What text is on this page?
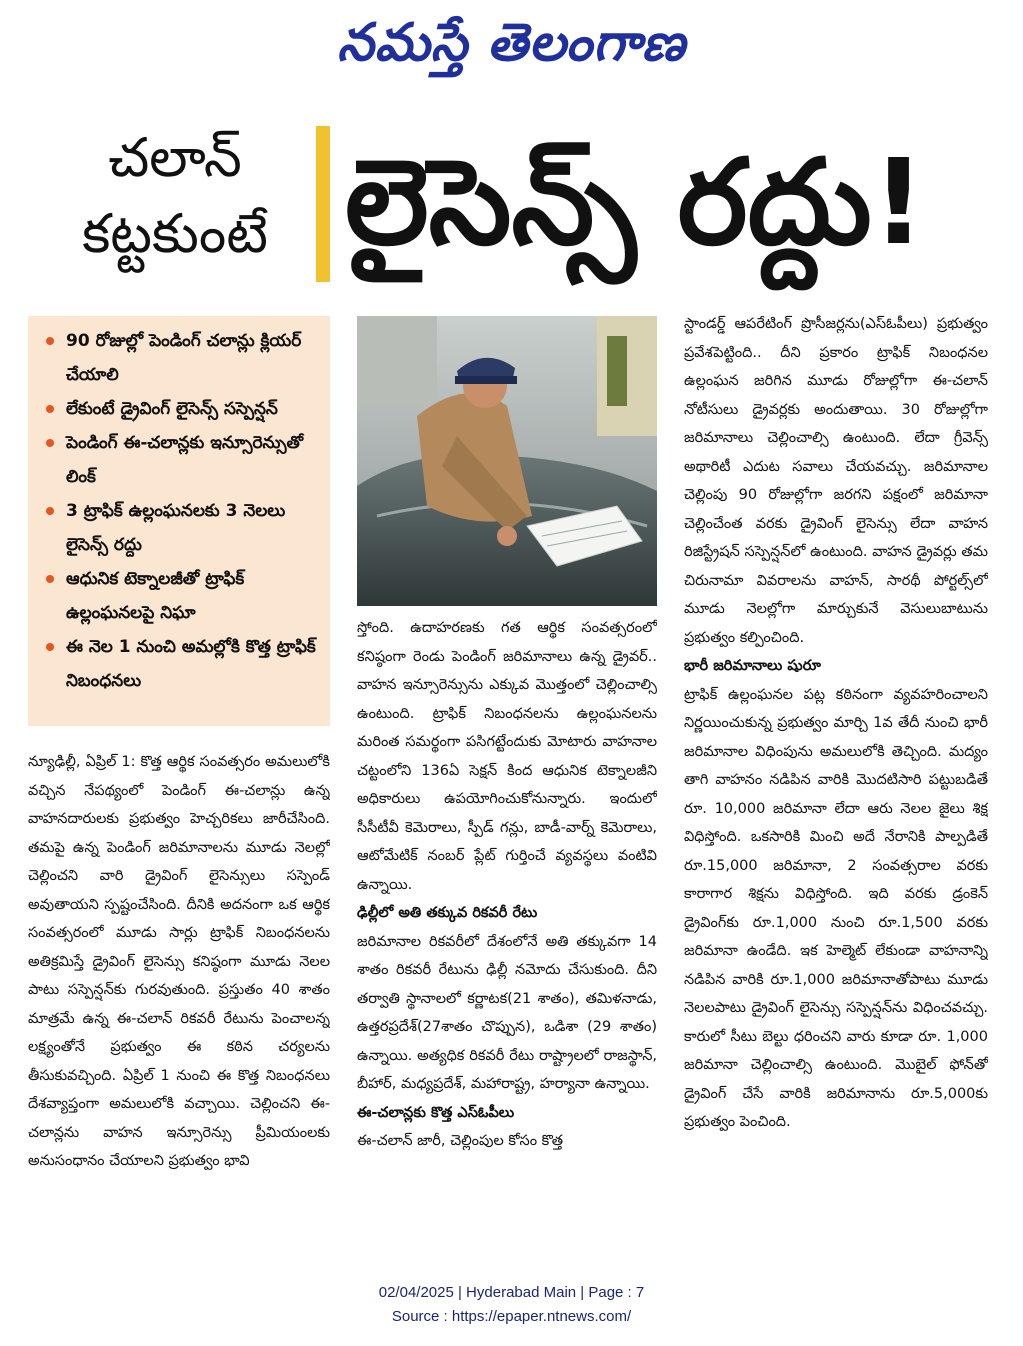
నమస్తే తెలంగాణ
చలాన్
కట్టకుంటే లైసెన్స్ రద్దు!
90 రోజుల్లో పెండింగ్ చలాన్లు క్లియర్ చేయాలి
లేకుంటే డ్రైవింగ్ లైసెన్స్ సస్పెన్షన్
పెండింగ్ ఈ-చలాన్లకు ఇన్సూరెన్సుతో లింక్
3 ట్రాఫిక్ ఉల్లంఘనలకు 3 నెలలు లైసెన్స్ రద్దు
ఆధునిక టెక్నాలజీతో ట్రాఫిక్ ఉల్లంఘనలపై నిఘా
ఈ నెల 1 నుంచి అమల్లోకి కొత్త ట్రాఫిక్ నిబంధనలు

న్యూఢిల్లీ, ఏప్రిల్ 1: కొత్త ఆర్థిక సంవత్సరం అమలులోకి వచ్చిన నేపథ్యంలో పెండింగ్ ఈ-చలాన్లు ఉన్న వాహనదారులకు ప్రభుత్వం హెచ్చరికలు జారీచేసింది. తమపై ఉన్న పెండింగ్ జరిమానాలను మూడు నెలల్లో చెల్లించని వారి డ్రైవింగ్ లైసెన్సులు సస్పెండ్ అవుతాయని స్పష్టంచేసింది. దీనికి అదనంగా ఒక ఆర్థిక సంవత్సరంలో మూడు సార్లు ట్రాఫిక్ నిబంధనలను అతిక్రమిస్తే డ్రైవింగ్ లైసెన్సు కనిష్ఠంగా మూడు నెలల పాటు సస్పెన్షన్‌కు గురవుతుంది. ప్రస్తుతం 40 శాతం మాత్రమే ఉన్న ఈ-చలాన్ రికవరీ రేటును పెంచాలన్న లక్ష్యంతోనే ప్రభుత్వం ఈ కఠిన చర్యలను తీసుకువచ్చింది. ఏప్రిల్ 1 నుంచి ఈ కొత్త నిబంధనలు దేశవ్యాప్తంగా అమలులోకి వచ్చాయి. చెల్లించని ఈ-చలాన్లను వాహన ఇన్సూరెన్సు ప్రీమియంలకు అనుసంధానం చేయాలని ప్రభుత్వం భావి

స్తోంది. ఉదాహరణకు గత ఆర్థిక సంవత్సరంలో కనిష్ఠంగా రెండు పెండింగ్ జరిమానాలు ఉన్న డ్రైవర్.. వాహన ఇన్సూరెన్సును ఎక్కువ మొత్తంలో చెల్లించాల్సి ఉంటుంది. ట్రాఫిక్ నిబంధనలను ఉల్లంఘనలను మరింత సమర్థంగా పసిగట్టేందుకు మోటారు వాహనాల చట్టంలోని 136ఏ సెక్షన్ కింద ఆధునిక టెక్నాలజీని అధికారులు ఉపయోగించుకోనున్నారు. ఇందులో సీసీటీవీ కెమెరాలు, స్పీడ్ గన్లు, బాడీ-వార్న్ కెమెరాలు, ఆటోమేటిక్ నంబర్ ప్లేట్ గుర్తించే వ్యవస్థలు వంటివి ఉన్నాయి.

ఢిల్లీలో అతి తక్కువ రికవరీ రేటు

జరిమానాల రికవరీలో దేశంలోనే అతి తక్కువగా 14 శాతం రికవరీ రేటును ఢిల్లీ నమోదు చేసుకుంది. దీని తర్వాతి స్థానాలలో కర్ణాటక(21 శాతం), తమిళనాడు, ఉత్తరప్రదేశ్(27శాతం చొప్పున), ఒడిశా (29 శాతం) ఉన్నాయి. అత్యధిక రికవరీ రేటు రాష్ట్రాలలో రాజస్థాన్, బీహార్, మధ్యప్రదేశ్, మహారాష్ట్ర, హర్యానా ఉన్నాయి.

ఈ-చలాన్లకు కొత్త ఎస్‌ఓపీలు

ఈ-చలాన్ జారీ, చెల్లింపుల కోసం కొత్త

స్టాండర్డ్ ఆపరేటింగ్ ప్రొసీజర్లను(ఎస్‌ఓపీలు) ప్రభుత్వం ప్రవేశపెట్టింది.. దీని ప్రకారం ట్రాఫిక్ నిబంధనల ఉల్లంఘన జరిగిన మూడు రోజుల్లోగా ఈ-చలాన్ నోటీసులు డ్రైవర్లకు అందుతాయి. 30 రోజుల్లోగా జరిమానాలు చెల్లించాల్సి ఉంటుంది. లేదా గ్రీవెన్స్ అథారిటీ ఎదుట సవాలు చేయవచ్చు. జరిమానాల చెల్లింపు 90 రోజుల్లోగా జరగని పక్షంలో జరిమానా చెల్లించేంత వరకు డ్రైవింగ్ లైసెన్సు లేదా వాహన రిజిస్ట్రేషన్ సస్పెన్షన్‌లో ఉంటుంది. వాహన డ్రైవర్లు తమ చిరునామా వివరాలను వాహన్, సారథీ పోర్టల్స్‌లో మూడు నెలల్లోగా మార్చుకునే వెసులుబాటును ప్రభుత్వం కల్పించింది.

భారీ జరిమానాలు షురూ

ట్రాఫిక్ ఉల్లంఘనల పట్ల కఠినంగా వ్యవహరించాలని నిర్ణయించుకున్న ప్రభుత్వం మార్చి 1వ తేదీ నుంచి భారీ జరిమానాల విధింపును అమలులోకి తెచ్చింది. మద్యం తాగి వాహనం నడిపిన వారికి మొదటిసారి పట్టుబడితే రూ. 10,000 జరిమానా లేదా ఆరు నెలల జైలు శిక్ష విధిస్తోంది. ఒకసారికి మించి అదే నేరానికి పాల్పడితే రూ.15,000 జరిమానా, 2 సంవత్సరాల వరకు కారాగార శిక్షను విధిస్తోంది. ఇది వరకు డ్రంకెన్ డ్రైవింగ్‌కు రూ.1,000 నుంచి రూ.1,500 వరకు జరిమానా ఉండేది. ఇక హెల్మెట్ లేకుండా వాహనాన్ని నడిపిన వారికి రూ.1,000 జరిమానాతోపాటు మూడు నెలలపాటు డ్రైవింగ్ లైసెన్సు సస్పెన్షన్‌ను విధించవచ్చు. కారులో సీటు బెల్టు ధరించని వారు కూడా రూ. 1,000 జరిమానా చెల్లించాల్సి ఉంటుంది. మొబైల్ ఫోన్‌తో డ్రైవింగ్ చేసే వారికి జరిమానాను రూ.5,000కు ప్రభుత్వం పెంచింది.

02/04/2025 | Hyderabad Main | Page : 7
Source : https://epaper.ntnews.com/
